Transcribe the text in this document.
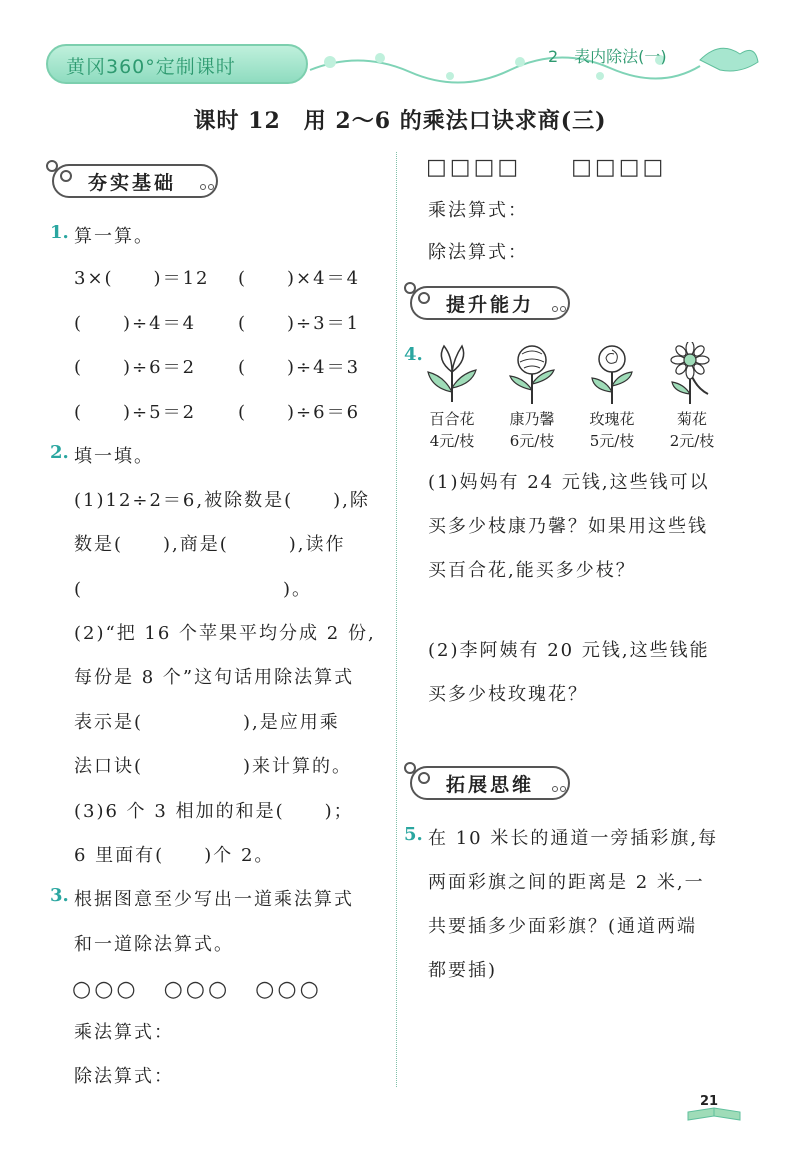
黄冈360°定制课时	2　表内除法(一)
课时 12　用 2～6 的乘法口诀求商(三)
夯实基础
1. 算一算。
3×(　　)＝12 (　　)×4＝4
(　　)÷4＝4 (　　)÷3＝1
(　　)÷6＝2 (　　)÷4＝3
(　　)÷5＝2 (　　)÷6＝6
2. 填一填。
(1)12÷2＝6,被除数是(　　),除
数是(　　),商是(　　　),读作
(　　　　　　　　　　)。
(2)“把 16 个苹果平均分成 2 份,
每份是 8 个”这句话用除法算式
表示是(　　　　　),是应用乘
法口诀(　　　　　)来计算的。
(3)6 个 3 相加的和是(　　)；
6 里面有(　　)个 2。
3. 根据图意至少写出一道乘法算式
和一道除法算式。
○○○　○○○　○○○
乘法算式：
除法算式：
□□□□　　□□□□
乘法算式：
除法算式：
提升能力
4.
百合花
4元/枝
康乃馨
6元/枝
玫瑰花
5元/枝
菊花
2元/枝
(1)妈妈有 24 元钱,这些钱可以
买多少枝康乃馨？如果用这些钱
买百合花,能买多少枝？
(2)李阿姨有 20 元钱,这些钱能
买多少枝玫瑰花？
拓展思维
5. 在 10 米长的通道一旁插彩旗,每
两面彩旗之间的距离是 2 米,一
共要插多少面彩旗？(通道两端
都要插)
21
